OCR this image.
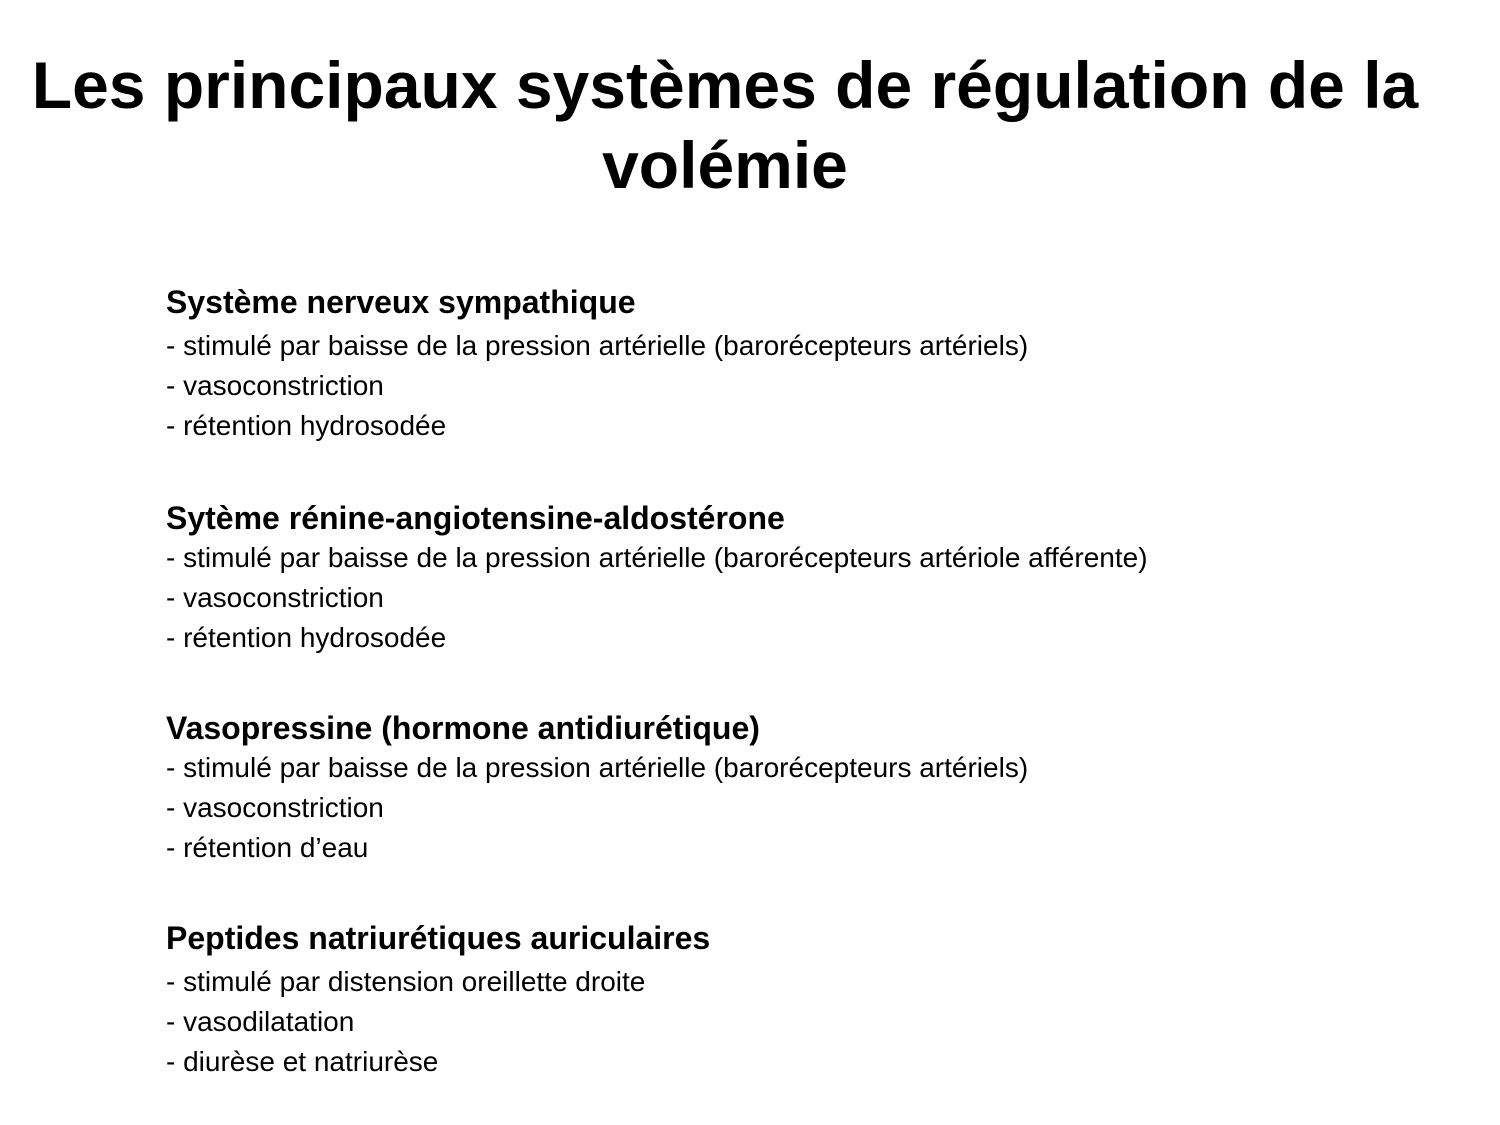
Les principaux systèmes de régulation de la volémie

Système nerveux sympathique

- stimulé par baisse de la pression artérielle (barorécepteurs artériels)

- vasoconstriction

- rétention hydrosodée

Sytème rénine-angiotensine-aldostérone

- stimulé par baisse de la pression artérielle (barorécepteurs artériole afférente)

- vasoconstriction

- rétention hydrosodée

Vasopressine (hormone antidiurétique)

- stimulé par baisse de la pression artérielle (barorécepteurs artériels)

- vasoconstriction

- rétention d’eau

Peptides natriurétiques auriculaires

- stimulé par distension oreillette droite

- vasodilatation

- diurèse et natriurèse
